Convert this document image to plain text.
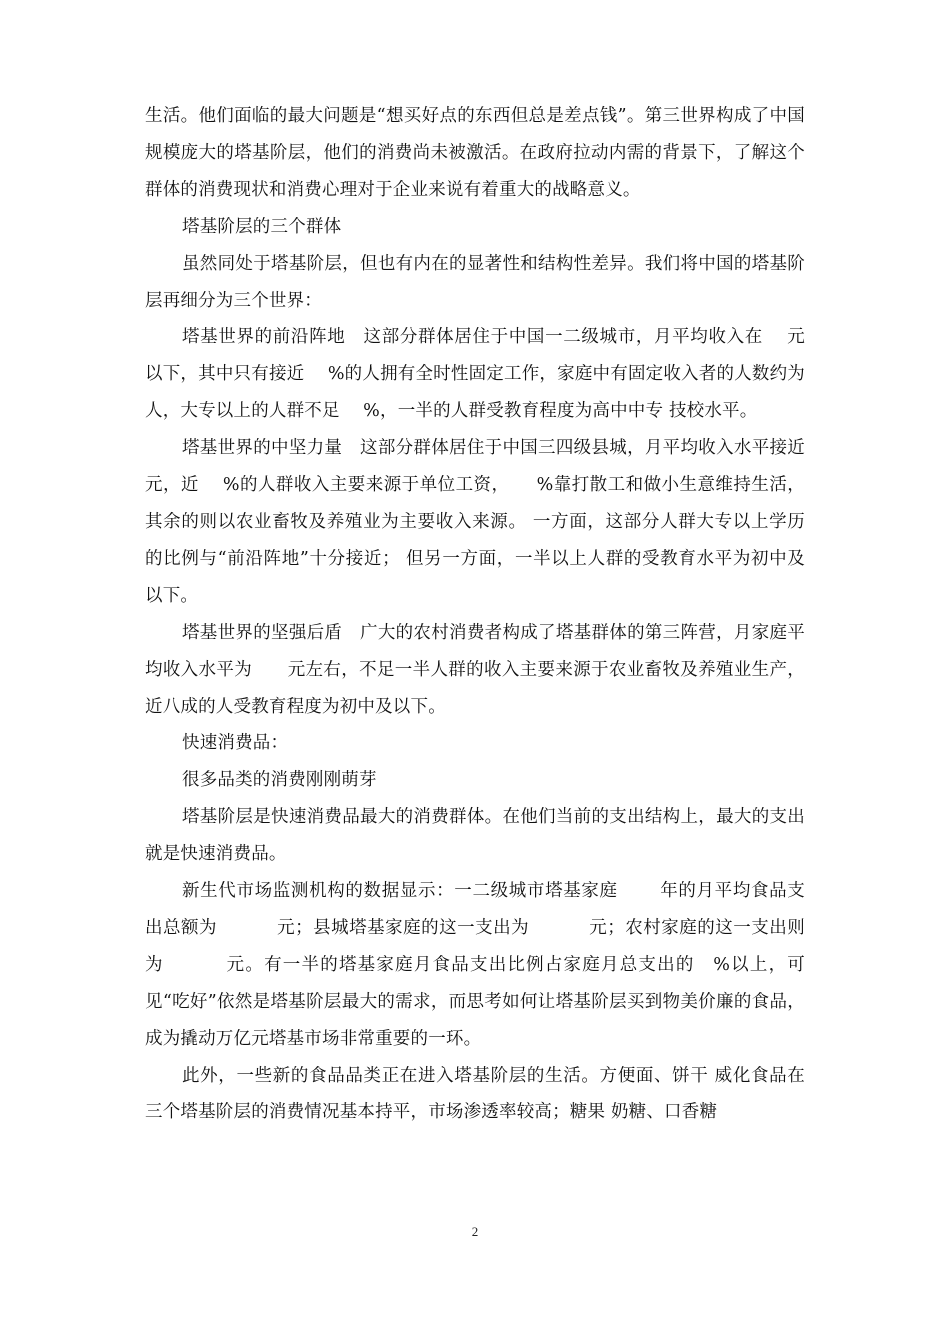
生活。他们面临的最大问题是“想买好点的东西但总是差点钱”。第三世界构成了中国规模庞大的塔基阶层，他们的消费尚未被激活。在政府拉动内需的背景下，了解这个群体的消费现状和消费心理对于企业来说有着重大的战略意义。

塔基阶层的三个群体

虽然同处于塔基阶层，但也有内在的显著性和结构性差异。我们将中国的塔基阶层再细分为三个世界：

塔基世界的前沿阵地　这部分群体居住于中国一二级城市，月平均收入在　 元以下，其中只有接近　 %的人拥有全时性固定工作，家庭中有固定收入者的人数约为　人，大专以上的人群不足　 %，一半的人群受教育程度为高中中专 技校水平。

塔基世界的中坚力量　这部分群体居住于中国三四级县城，月平均收入水平接近　　 元，近　 %的人群收入主要来源于单位工资，　　%靠打散工和做小生意维持生活，其余的则以农业畜牧及养殖业为主要收入来源。 一方面，这部分人群大专以上学历的比例与“前沿阵地”十分接近； 但另一方面，一半以上人群的受教育水平为初中及以下。

塔基世界的坚强后盾　广大的农村消费者构成了塔基群体的第三阵营，月家庭平均收入水平为　　元左右，不足一半人群的收入主要来源于农业畜牧及养殖业生产，近八成的人受教育程度为初中及以下。

快速消费品：

很多品类的消费刚刚萌芽

塔基阶层是快速消费品最大的消费群体。在他们当前的支出结构上，最大的支出就是快速消费品。

新生代市场监测机构的数据显示：一二级城市塔基家庭　　 年的月平均食品支出总额为　　　 元；县城塔基家庭的这一支出为　　　 元；农村家庭的这一支出则为　　　 元。有一半的塔基家庭月食品支出比例占家庭月总支出的　%以上，可见“吃好”依然是塔基阶层最大的需求，而思考如何让塔基阶层买到物美价廉的食品，成为撬动万亿元塔基市场非常重要的一环。

此外，一些新的食品品类正在进入塔基阶层的生活。方便面、饼干 威化食品在三个塔基阶层的消费情况基本持平，市场渗透率较高；糖果 奶糖、口香糖

2
